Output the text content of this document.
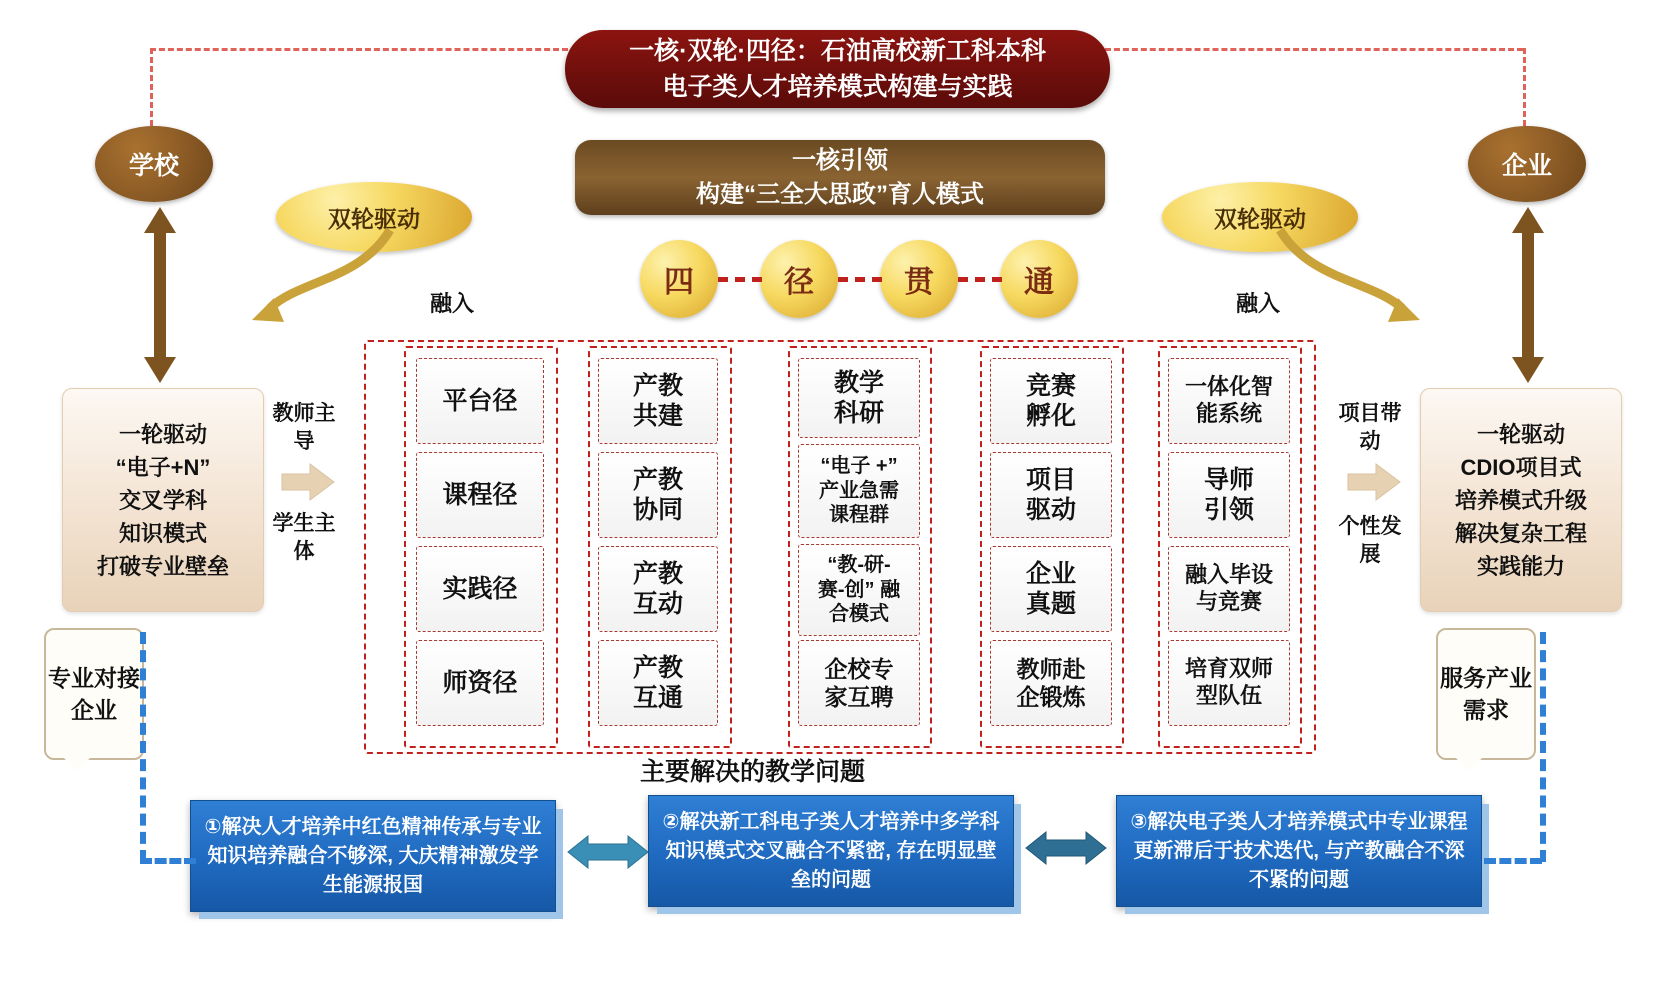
一核·双轮·四径：石油高校新工科本科
电子类人才培养模式构建与实践
学校	企业
一核引领
构建“三全大思政”育人模式
双轮驱动	双轮驱动
四	径	贯	通
融入	融入
一轮驱动
“电子+N”
交叉学科
知识模式
打破专业壁垒
一轮驱动
CDIO项目式
培养模式升级
解决复杂工程
实践能力
教师主导
学生主体
项目带动
个性发展
平台径
课程径
实践径
师资径
产教
共建
产教
协同
产教
互动
产教
互通
教学
科研
“电子 +”
产业急需
课程群
“教-研-
赛-创” 融
合模式
企校专
家互聘
竞赛
孵化
项目
驱动
企业
真题
教师赴
企锻炼
一体化智
能系统
导师
引领
融入毕设
与竞赛
培育双师
型队伍
主要解决的教学问题
①解决人才培养中红色精神传承与专业知识培养融合不够深, 大庆精神激发学生能源报国
②解决新工科电子类人才培养中多学科知识模式交叉融合不紧密, 存在明显壁垒的问题
③解决电子类人才培养模式中专业课程更新滞后于技术迭代, 与产教融合不深不紧的问题
专业对接企业
服务产业需求
